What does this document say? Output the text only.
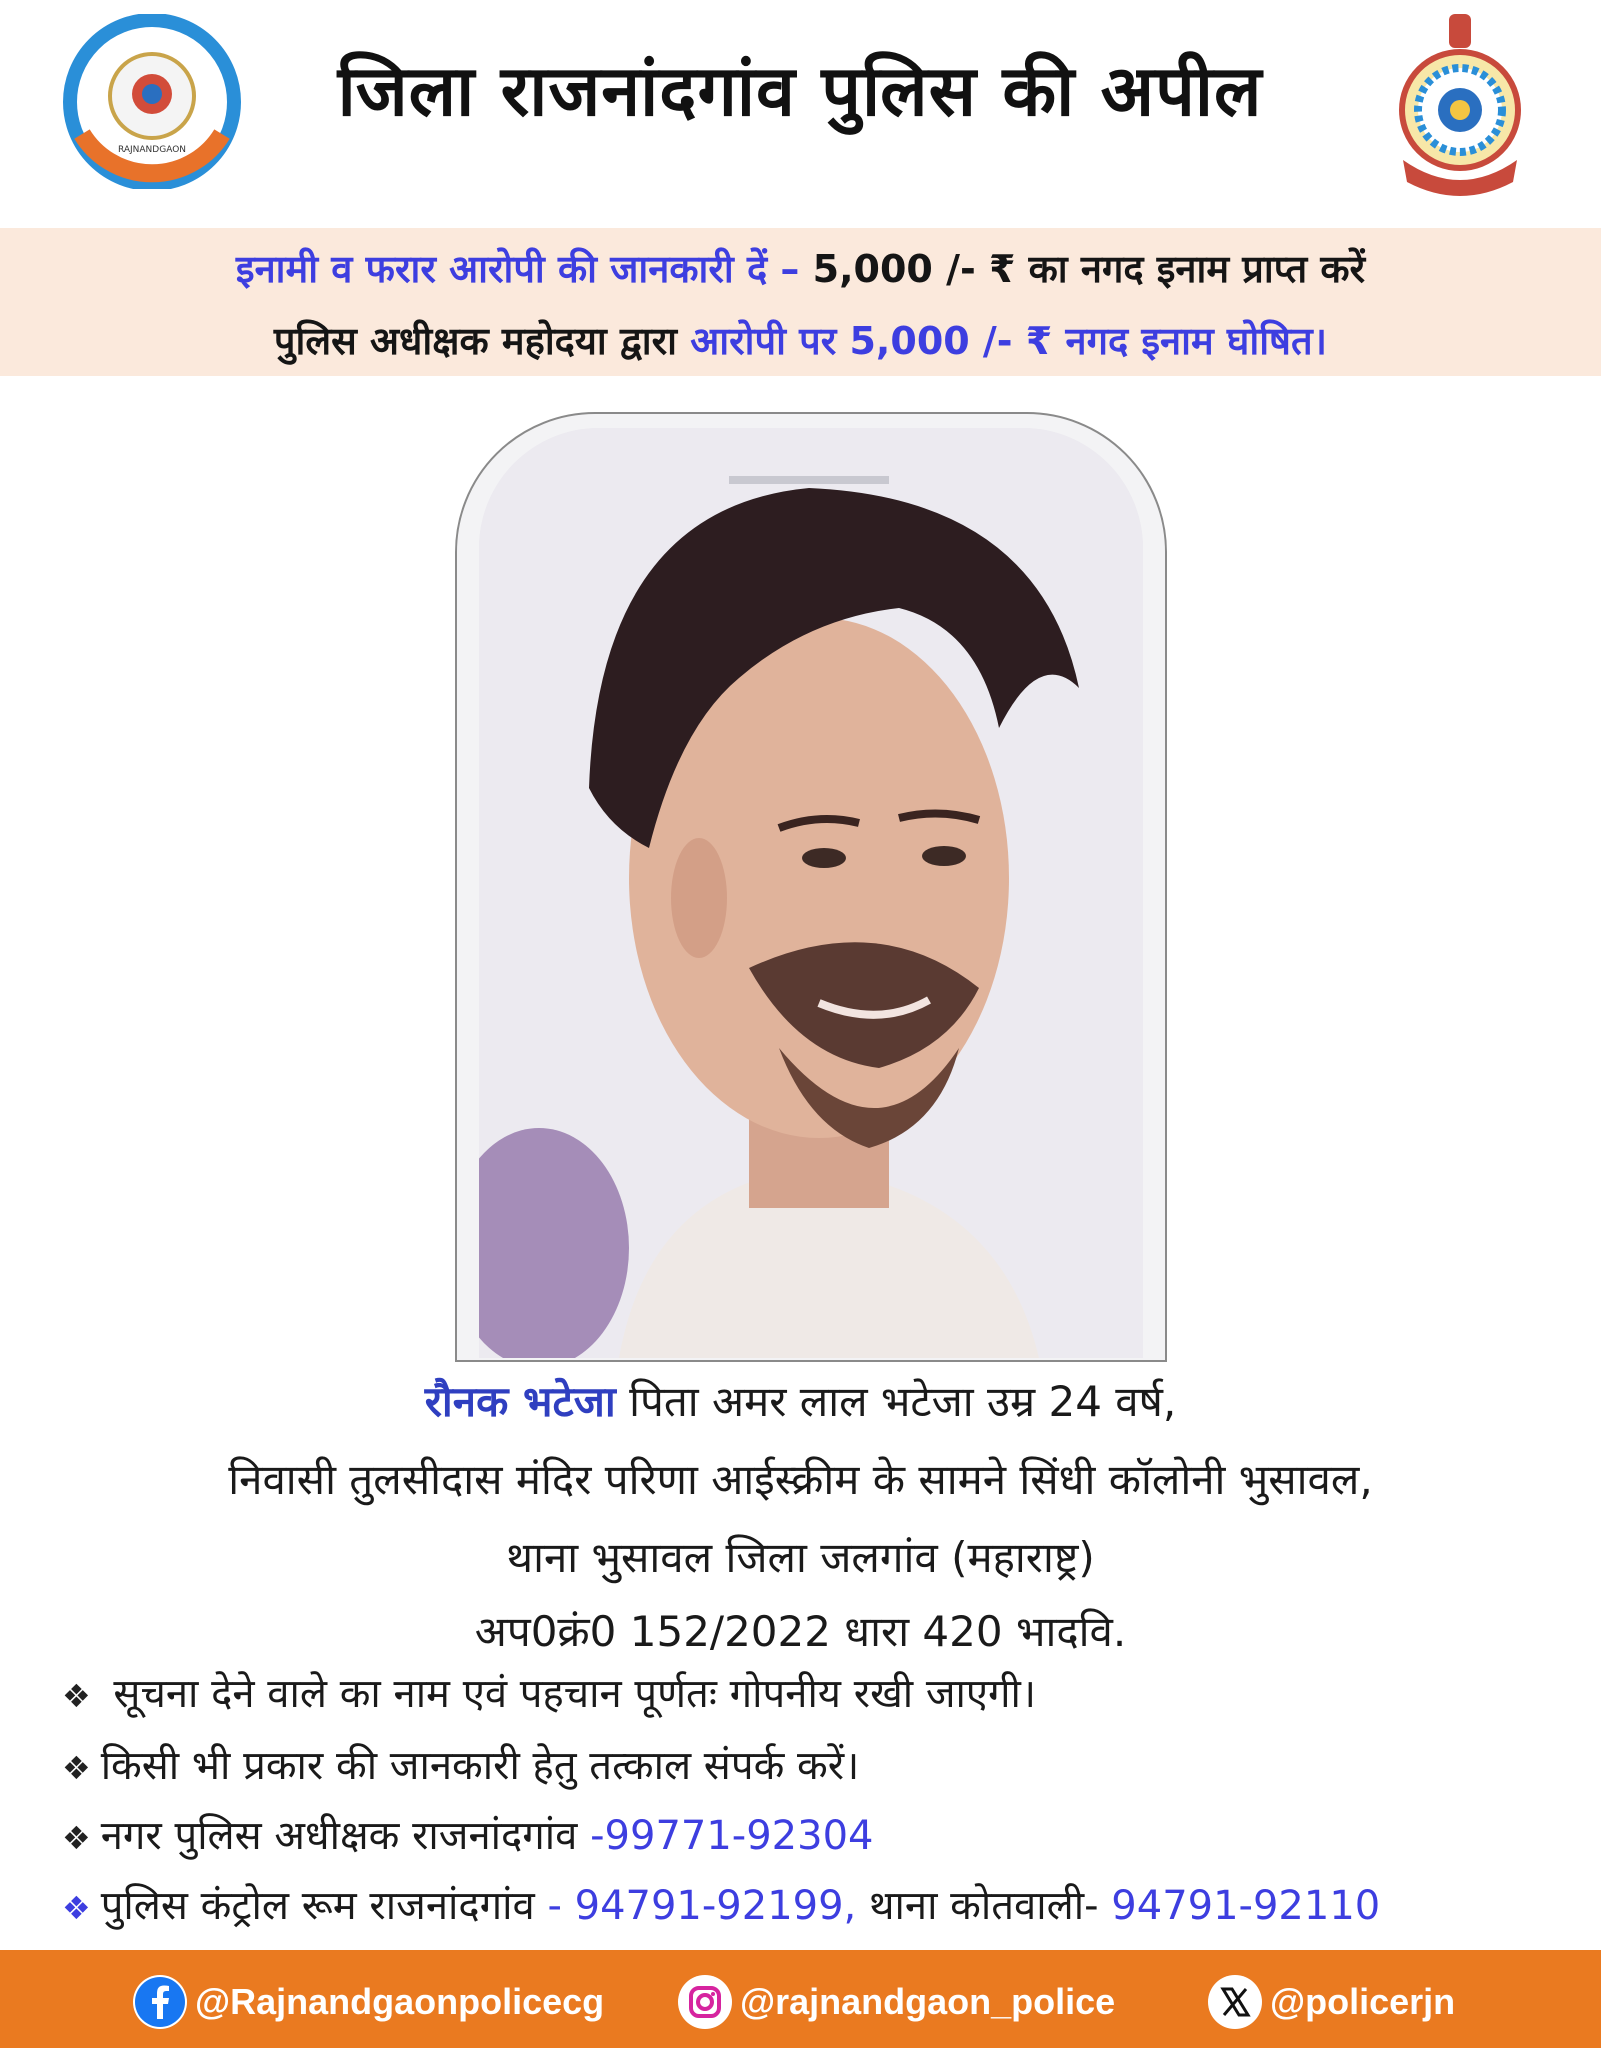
RAJNANDGAON
जिला राजनांदगांव पुलिस की अपील
इनामी व फरार आरोपी की जानकारी दें – 5,000 /- ₹ का नगद इनाम प्राप्त करें
पुलिस अधीक्षक महोदया द्वारा आरोपी पर 5,000 /- ₹ नगद इनाम घोषित।
रौनक भटेजा पिता अमर लाल भटेजा उम्र 24 वर्ष,
निवासी तुलसीदास मंदिर परिणा आईस्क्रीम के सामने सिंधी कॉलोनी भुसावल,
थाना भुसावल जिला जलगांव (महाराष्ट्र)
अप0क्रं0 152/2022 धारा 420 भादवि.
❖ सूचना देने वाले का नाम एवं पहचान पूर्णतः गोपनीय रखी जाएगी।
❖ किसी भी प्रकार की जानकारी हेतु तत्काल संपर्क करें।
❖ नगर पुलिस अधीक्षक राजनांदगांव -99771-92304
❖ पुलिस कंट्रोल रूम राजनांदगांव - 94791-92199, थाना कोतवाली- 94791-92110
@Rajnandgaonpolicecg	@rajnandgaon_police	@policerjn
